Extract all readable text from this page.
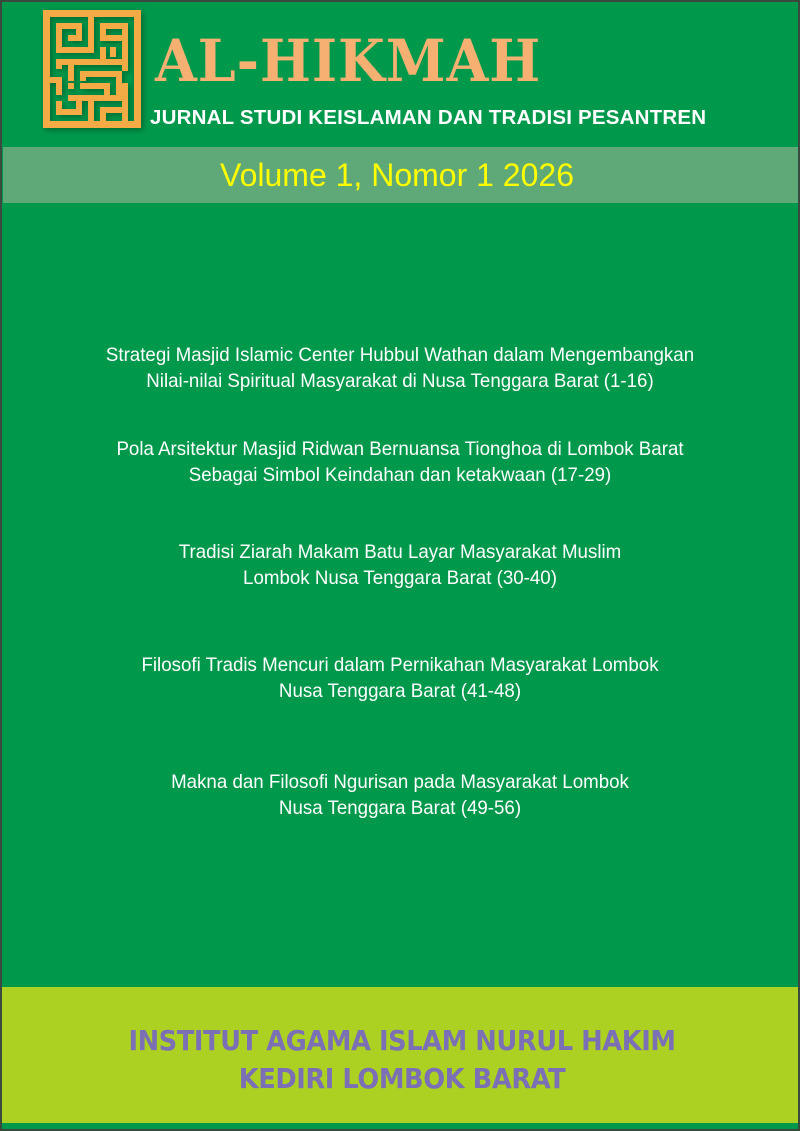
AL-HIKMAH
JURNAL STUDI KEISLAMAN DAN TRADISI PESANTREN
Volume 1, Nomor 1 2026
Strategi Masjid Islamic Center Hubbul Wathan dalam Mengembangkan
Nilai-nilai Spiritual Masyarakat di Nusa Tenggara Barat (1-16)
Pola Arsitektur Masjid Ridwan Bernuansa Tionghoa di Lombok Barat
Sebagai Simbol Keindahan dan ketakwaan (17-29)
Tradisi Ziarah Makam Batu Layar Masyarakat Muslim
Lombok Nusa Tenggara Barat (30-40)
Filosofi Tradis Mencuri dalam Pernikahan Masyarakat Lombok
Nusa Tenggara Barat (41-48)
Makna dan Filosofi Ngurisan pada Masyarakat Lombok
Nusa Tenggara Barat (49-56)
INSTITUT AGAMA ISLAM NURUL HAKIM
KEDIRI LOMBOK BARAT
